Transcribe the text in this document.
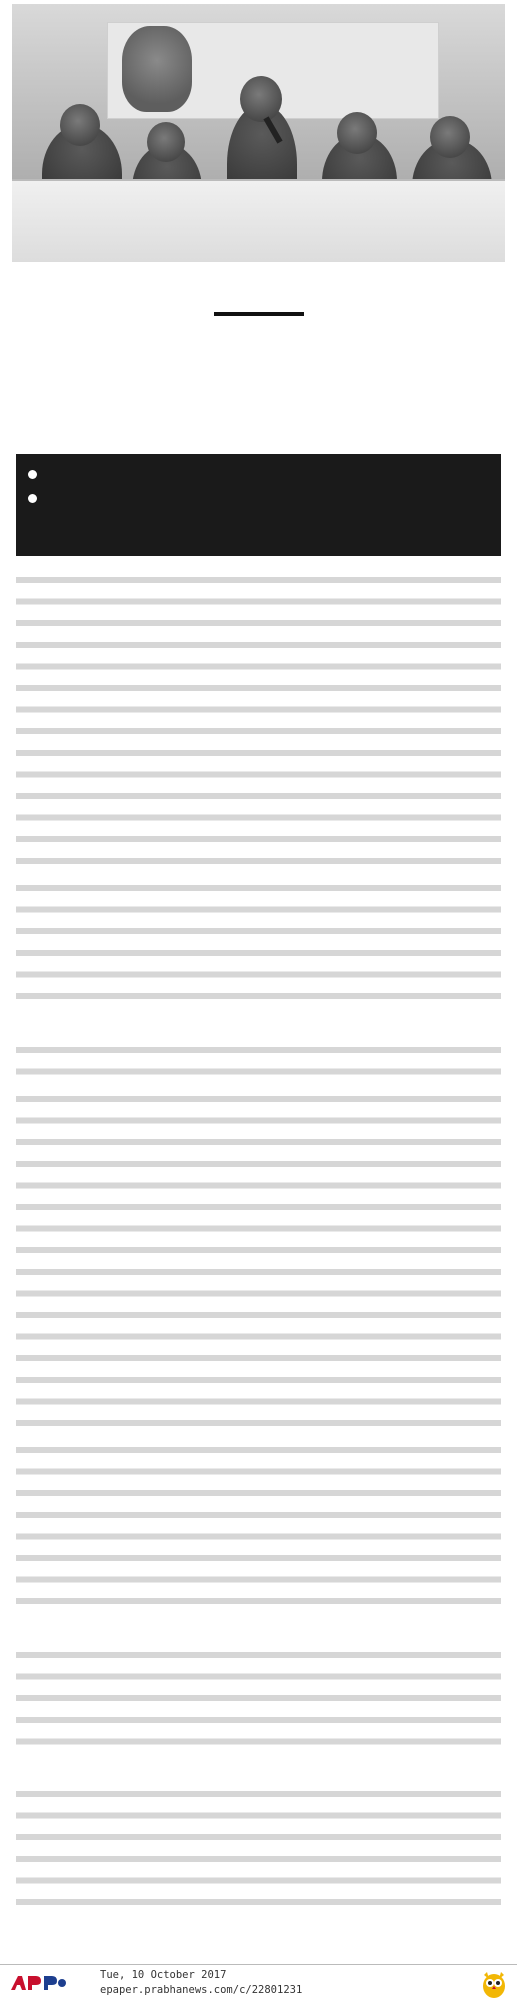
Tue, 10 October 2017
epaper.prabhanews.com/c/22801231
